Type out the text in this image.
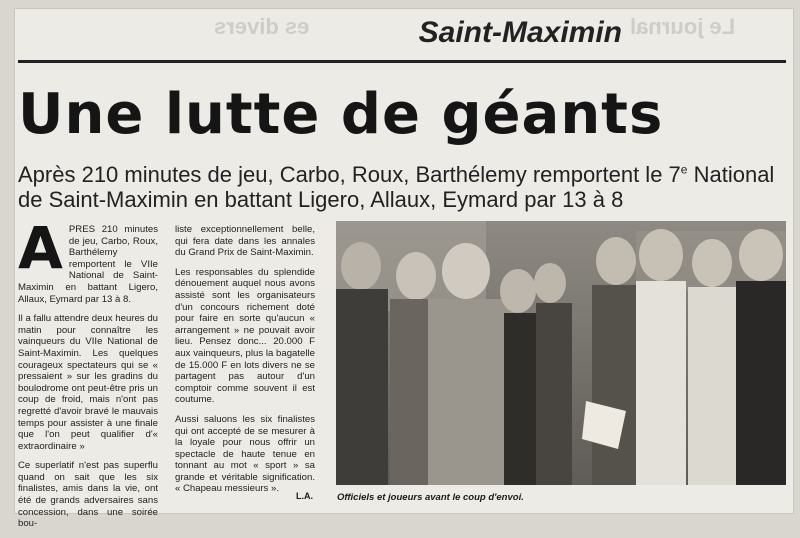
es divers	Le journal
Saint-Maximin
Une lutte de géants
Après 210 minutes de jeu, Carbo, Roux, Barthélemy remportent le 7e National de Saint-Maximin en battant Ligero, Allaux, Eymard par 13 à 8
A PRES 210 minutes de jeu, Carbo, Roux, Barthélemy remportent le VIIe National de Saint-Maximin en battant Ligero, Allaux, Eymard par 13 à 8.

Il a fallu attendre deux heures du matin pour connaître les vainqueurs du VIIe National de Saint-Maximin. Les quelques courageux spectateurs qui se « pressaient » sur les gradins du boulodrome ont peut-être pris un coup de froid, mais n'ont pas regretté d'avoir bravé le mauvais temps pour assister à une finale que l'on peut qualifier d'« extraordinaire »

Ce superlatif n'est pas superflu quand on sait que les six finalistes, amis dans la vie, ont été de grands adversaires sans concession, dans une soirée bou-

liste exceptionnellement belle, qui fera date dans les annales du Grand Prix de Saint-Maximin.

Les responsables du splendide dénouement auquel nous avons assisté sont les organisateurs d'un concours richement doté pour faire en sorte qu'aucun « arrangement » ne pouvait avoir lieu. Pensez donc... 20.000 F aux vainqueurs, plus la bagatelle de 15.000 F en lots divers ne se partagent pas autour d'un comptoir comme souvent il est coutume.

Aussi saluons les six finalistes qui ont accepté de se mesurer à la loyale pour nous offrir un spectacle de haute tenue en tonnant au mot « sport » sa grande et véritable signification. « Chapeau messieurs ».

L.A.	Officiels et joueurs avant le coup d'envoi.
